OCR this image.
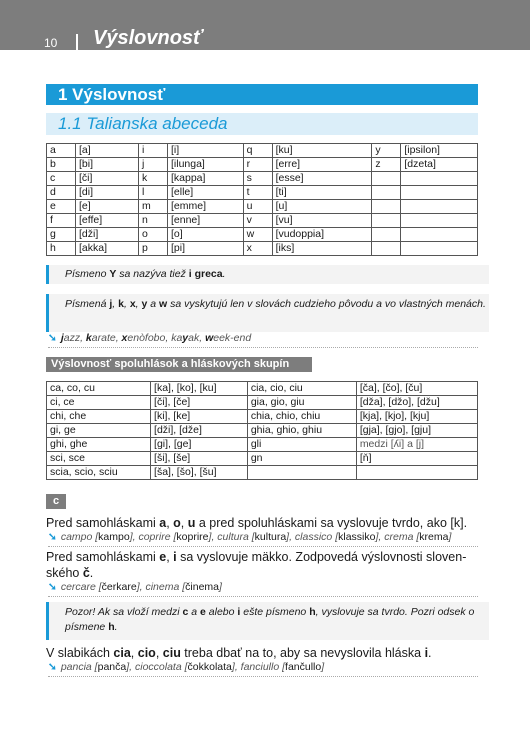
10 Výslovnosť
1 Výslovnosť
1.1 Talianska abeceda
a	[a]	i	[i]	q	[ku]	y	[ipsilon]
b	[bi]	j	[ilunga]	r	[erre]	z	[dzeta]
c	[či]	k	[kappa]	s	[esse]		
d	[di]	l	[elle]	t	[ti]		
e	[e]	m	[emme]	u	[u]		
f	[effe]	n	[enne]	v	[vu]		
g	[dži]	o	[o]	w	[vudoppia]		
h	[akka]	p	[pi]	x	[iks]		
Písmeno Y sa nazýva tiež i greca.
Písmená j, k, x, y a w sa vyskytujú len v slovách cudzieho pôvodu a vo vlastných menách.
➘ jazz, karate, xenòfobo, kayak, week-end
Výslovnosť spoluhlások a hláskových skupín
ca, co, cu	[ka], [ko], [ku]	cia, cio, ciu	[ča], [čo], [ču]
ci, ce	[či], [če]	gia, gio, giu	[dža], [džo], [džu]
chi, che	[ki], [ke]	chia, chio, chiu	[kja], [kjo], [kju]
gi, ge	[dži], [dže]	ghia, ghio, ghiu	[gja], [gjo], [gju]
ghi, ghe	[gi], [ge]	gli	medzi [ʎi] a [j]
sci, sce	[ši], [še]	gn	[ň]
scia, scio, sciu	[ša], [šo], [šu]		
c
Pred samohláskami a, o, u a pred spoluhláskami sa vyslovuje tvrdo, ako [k].
➘ campo [kampo], coprire [koprire], cultura [kultura], classico [klassiko], crema [krema]
Pred samohláskami e, i sa vyslovuje mäkko. Zodpovedá výslovnosti sloven-ského č.
➘ cercare [čerkare], cinema [činema]
Pozor! Ak sa vloží medzi c a e alebo i ešte písmeno h, vyslovuje sa tvrdo. Pozri odsek o písmene h.
V slabikách cia, cio, ciu treba dbať na to, aby sa nevyslovila hláska i.
➘ pancia [panča], cioccolata [čokkolata], fanciullo [fančullo]
